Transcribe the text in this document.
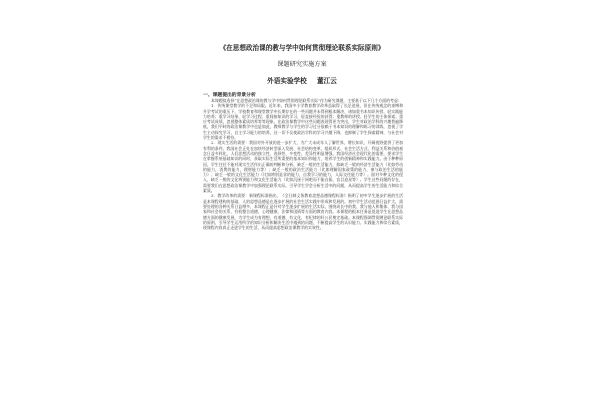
《在思想政治课的教与学中如何贯彻理论联系实际原则》
课题研究实施方案
外语实验学校 董江云
一、课题提出的背景分析

本课题拟选择“在思想政治课的教与学中如何贯彻理论联系实际”作为研究课题，主要基于以下几个方面的考虑：

1．传统课堂教学的不足和局限。近年来，我国中小学教育教学改革虽取得了长足进展，但在传统观念的束缚和升学考试的重压下，学校教育和课堂教学中长期存在的一些问题并未得到根本解决，诸如重书本知识传授、轻实践能力培养；重学习结果、轻学习过程；重间接知识的学习，轻直接经验的获得；重教师的讲授、轻学生的主体探索；重应考试成绩，忽视整体素质培养等等现象。在政治课教学中这些问题表现得更为突出，学生对政治学科的兴趣普遍降低，我们平时的政治课教学中也是如此，教师教学与学生的学习过分依赖于书本知识的理解和练习的训练，忽视了学生主动探究学习、自主学习能力的培养，这一切不仅使政治学科的学习兴趣下降，也抑制了学生探索精神，与社会对学生的需求不相符。

2．现实生活的需要：我国对外开放的进一步扩大，为广大未成年人了解世界，增长知识，开阔视野提供了更加有利的条件。我国社会正处在加快经济转型深入发展、社会结构变革、组织形式、社会生活方式、利益关系和价值观念日益多样化，人们思想活动的独立性、选择性、多变性、差异性明显增强。我国经济社会现代化的需要，要求学生在掌握系统基础知识的同时，获取实际生活所需要的基本知识和能力，培养学生的创新精神和实践能力。由于种种原因，学生往往不能对现实生活作出正确的判断和分析，缺乏一般的生活能力，如缺乏一般的经济生活能力（比如劳动的能力，消费的能力，理财能力等）；缺乏一般的政治生活能力（比如理解国家政策的能力，参与政治生活的能力）；缺乏一般的文化生活能力（比如辨别是非的能力，自我学习的能力，人际交往能力等）。面对多种文化的侵入，缺乏一般的文化辨别能力和文化生活能力（比如沉迷于网吧而不能自拔，盲目追星等）。学生这些问题的存在，需要我们在思想政治课教学中加强理论联系实际，引导学生学会分析生活中的问题，从而提高学生的生活能力和综合素质。

3．教学改革的需要：新课程标准指出，《全日制义务教育思想品德课程标准》指明了初中学生逐步扩展的生活是本课程建构的基础，人的思想品德是在逐步扩展的社会生活实践中形成和发展的。初中学生活动范围日益扩大，需要处理的各种关系日益增多，本课程正是针对学生逐步扩展的生活实际，围绕成长中的我、我与他人和集体、我与国家和社会的关系，有机整合道德、心理健康、法律和国情等方面的教育内容。本课程的根本任务是促进学生在思想品德方面的健康发展，为学生成为有理想、有道德、有文化、有纪律的好公民奠定基础。本课程强调贯彻理论联系实际的原则，引导学生运用所学的知识分析和解决生活中遇到的问题，不断提高学生的认识能力、实践能力和综合素质，使课程内容真正走进学生的生活，从而提高思想政治课教学的实效性。
